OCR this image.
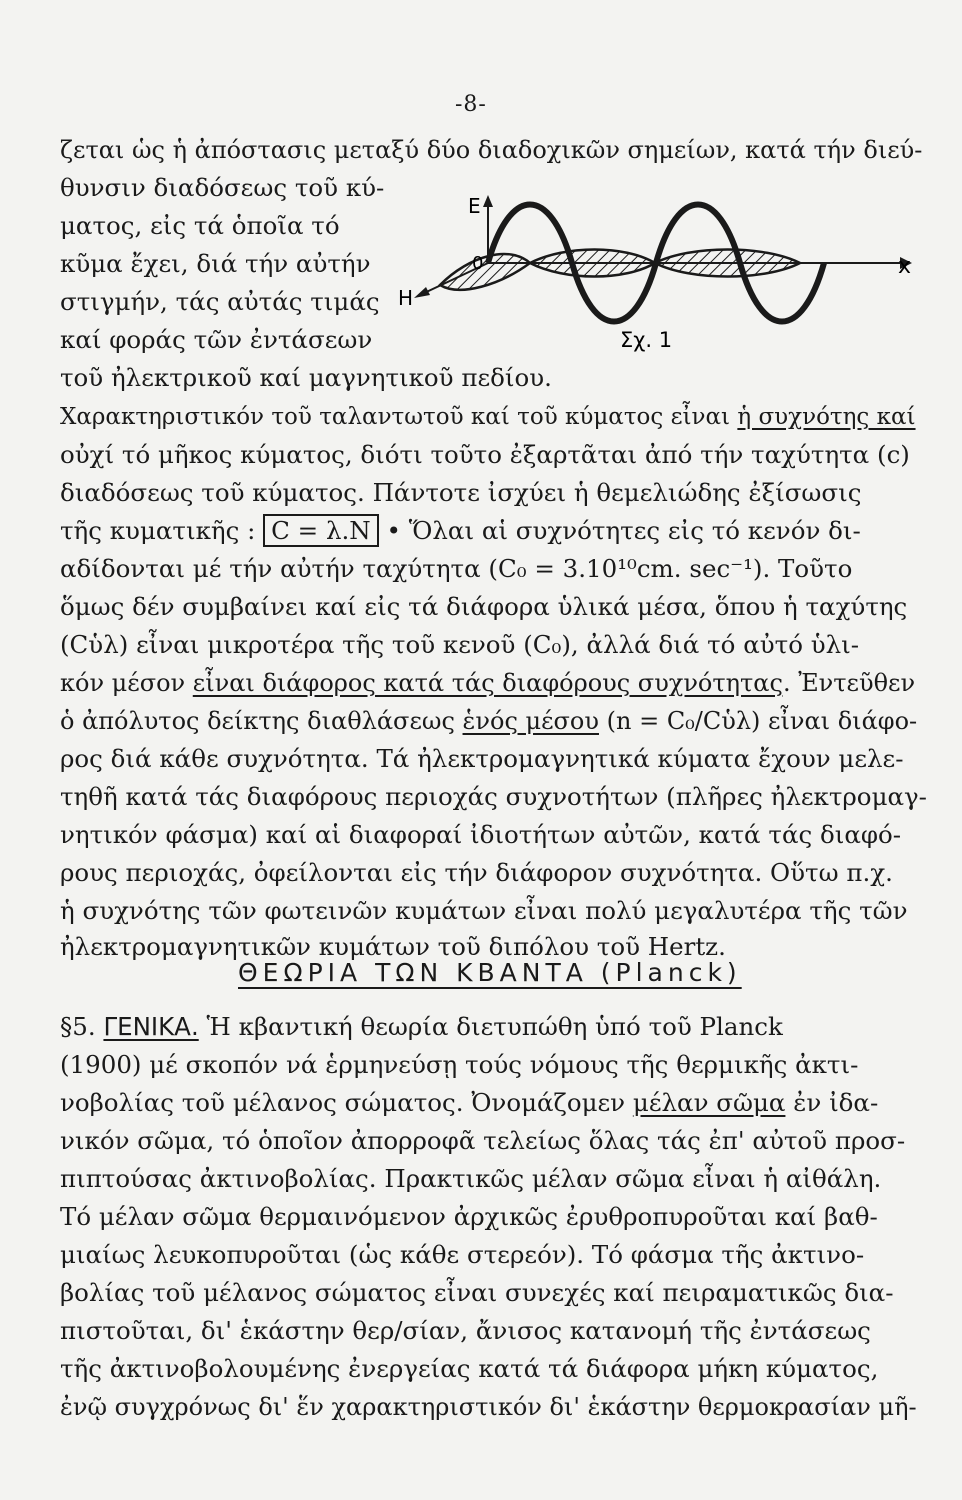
-8-
E
x
H
0
Σχ. 1
ζεται ὡς ἡ ἀπόστασις μεταξύ δύο διαδοχικῶν σημείων, κατά τήν διεύ-
θυνσιν διαδόσεως τοῦ κύ-
ματος, εἰς τά ὁποῖα τό
κῦμα ἔχει, διά τήν αὐτήν
στιγμήν, τάς αὐτάς τιμάς
καί φοράς τῶν ἐντάσεων
τοῦ ἠλεκτρικοῦ καί μαγνητικοῦ πεδίου.
Χαρακτηριστικόν τοῦ ταλαντωτοῦ καί τοῦ κύματος εἶναι ἡ συχνότης καί
οὐχί τό μῆκος κύματος, διότι τοῦτο ἐξαρτᾶται ἀπό τήν ταχύτητα (c)
διαδόσεως τοῦ κύματος. Πάντοτε ἰσχύει ἡ θεμελιώδης ἐξίσωσις
τῆς κυματικῆς : C = λ.N • Ὅλαι αἱ συχνότητες εἰς τό κενόν δι-
αδίδονται μέ τήν αὐτήν ταχύτητα (C₀ = 3.10¹⁰cm. sec⁻¹). Τοῦτο
ὅμως δέν συμβαίνει καί εἰς τά διάφορα ὑλικά μέσα, ὅπου ἡ ταχύτης
(Cὑλ) εἶναι μικροτέρα τῆς τοῦ κενοῦ (C₀), ἀλλά διά τό αὐτό ὑλι-
κόν μέσον εἶναι διάφορος κατά τάς διαφόρους συχνότητας. Ἐντεῦθεν
ὁ ἀπόλυτος δείκτης διαθλάσεως ἑνός μέσου (n = C₀/Cὑλ) εἶναι διάφο-
ρος διά κάθε συχνότητα. Τά ἠλεκτρομαγνητικά κύματα ἔχουν μελε-
τηθῆ κατά τάς διαφόρους περιοχάς συχνοτήτων (πλῆρες ἠλεκτρομαγ-
νητικόν φάσμα) καί αἱ διαφοραί ἰδιοτήτων αὐτῶν, κατά τάς διαφό-
ρους περιοχάς, ὀφείλονται εἰς τήν διάφορον συχνότητα. Οὕτω π.χ.
ἡ συχνότης τῶν φωτεινῶν κυμάτων εἶναι πολύ μεγαλυτέρα τῆς τῶν
ἠλεκτρομαγνητικῶν κυμάτων τοῦ διπόλου τοῦ Hertz.
ΘΕΩΡΙΑ ΤΩΝ ΚΒΑΝΤΑ (Planck)
§5. ΓΕΝΙΚΑ. Ἡ κβαντική θεωρία διετυπώθη ὑπό τοῦ Planck
(1900) μέ σκοπόν νά ἑρμηνεύσῃ τούς νόμους τῆς θερμικῆς ἀκτι-
νοβολίας τοῦ μέλανος σώματος. Ὀνομάζομεν μέλαν σῶμα ἐν ἰδα-
νικόν σῶμα, τό ὁποῖον ἀπορροφᾶ τελείως ὅλας τάς ἐπ' αὐτοῦ προσ-
πιπτούσας ἀκτινοβολίας. Πρακτικῶς μέλαν σῶμα εἶναι ἡ αἰθάλη.
Τό μέλαν σῶμα θερμαινόμενον ἀρχικῶς ἐρυθροπυροῦται καί βαθ-
μιαίως λευκοπυροῦται (ὡς κάθε στερεόν). Τό φάσμα τῆς ἀκτινο-
βολίας τοῦ μέλανος σώματος εἶναι συνεχές καί πειραματικῶς δια-
πιστοῦται, δι' ἑκάστην θερ/σίαν, ἄνισος κατανομή τῆς ἐντάσεως
τῆς ἀκτινοβολουμένης ἐνεργείας κατά τά διάφορα μήκη κύματος,
ἐνῷ συγχρόνως δι' ἕν χαρακτηριστικόν δι' ἑκάστην θερμοκρασίαν μῆ-
